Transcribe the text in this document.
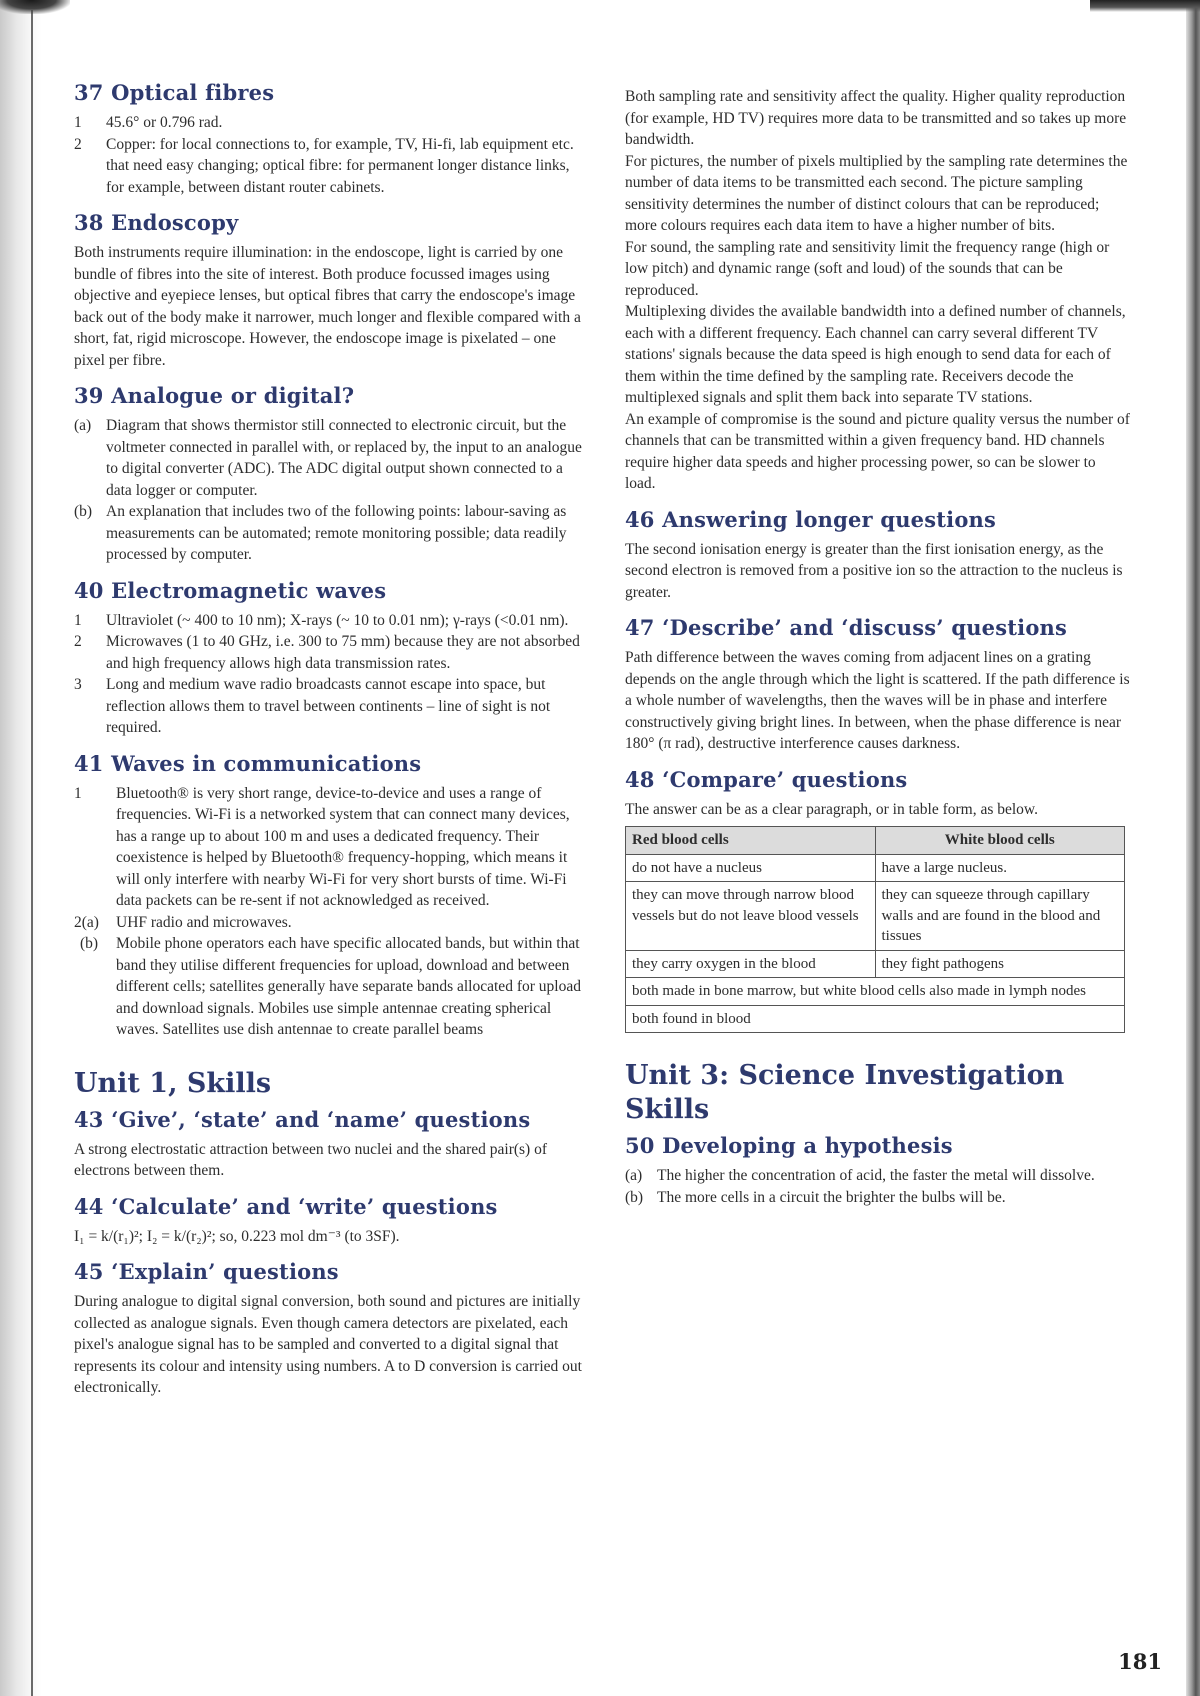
37 Optical fibres
1	45.6° or 0.796 rad.
2	Copper: for local connections to, for example, TV, Hi-fi, lab equipment etc. that need easy changing; optical fibre: for permanent longer distance links, for example, between distant router cabinets.
38 Endoscopy

Both instruments require illumination: in the endoscope, light is carried by one bundle of fibres into the site of interest. Both produce focussed images using objective and eyepiece lenses, but optical fibres that carry the endoscope's image back out of the body make it narrower, much longer and flexible compared with a short, fat, rigid microscope. However, the endoscope image is pixelated – one pixel per fibre.

39 Analogue or digital?
(a) Diagram that shows thermistor still connected to electronic circuit, but the voltmeter connected in parallel with, or replaced by, the input to an analogue to digital converter (ADC). The ADC digital output shown connected to a data logger or computer.
(b) An explanation that includes two of the following points: labour-saving as measurements can be automated; remote monitoring possible; data readily processed by computer.
40 Electromagnetic waves
1	Ultraviolet (~ 400 to 10 nm); X-rays (~ 10 to 0.01 nm); γ-rays (<0.01 nm).
2	Microwaves (1 to 40 GHz, i.e. 300 to 75 mm) because they are not absorbed and high frequency allows high data transmission rates.
3	Long and medium wave radio broadcasts cannot escape into space, but reflection allows them to travel between continents – line of sight is not required.
41 Waves in communications
1	Bluetooth® is very short range, device-to-device and uses a range of frequencies. Wi-Fi is a networked system that can connect many devices, has a range up to about 100 m and uses a dedicated frequency. Their coexistence is helped by Bluetooth® frequency-hopping, which means it will only interfere with nearby Wi-Fi for very short bursts of time. Wi-Fi data packets can be re-sent if not acknowledged as received.
2(a)	UHF radio and microwaves.
(b)	Mobile phone operators each have specific allocated bands, but within that band they utilise different frequencies for upload, download and between different cells; satellites generally have separate bands allocated for upload and download signals. Mobiles use simple antennae creating spherical waves. Satellites use dish antennae to create parallel beams
Unit 1, Skills
43 ‘Give’, ‘state’ and ‘name’ questions

A strong electrostatic attraction between two nuclei and the shared pair(s) of electrons between them.

44 ‘Calculate’ and ‘write’ questions

I₁ = k/(r₁)²; I₂ = k/(r₂)²; so, 0.223 mol dm⁻³ (to 3SF).

45 ‘Explain’ questions

During analogue to digital signal conversion, both sound and pictures are initially collected as analogue signals. Even though camera detectors are pixelated, each pixel's analogue signal has to be sampled and converted to a digital signal that represents its colour and intensity using numbers. A to D conversion is carried out electronically.

Both sampling rate and sensitivity affect the quality. Higher quality reproduction (for example, HD TV) requires more data to be transmitted and so takes up more bandwidth.

For pictures, the number of pixels multiplied by the sampling rate determines the number of data items to be transmitted each second. The picture sampling sensitivity determines the number of distinct colours that can be reproduced; more colours requires each data item to have a higher number of bits.

For sound, the sampling rate and sensitivity limit the frequency range (high or low pitch) and dynamic range (soft and loud) of the sounds that can be reproduced.

Multiplexing divides the available bandwidth into a defined number of channels, each with a different frequency. Each channel can carry several different TV stations' signals because the data speed is high enough to send data for each of them within the time defined by the sampling rate. Receivers decode the multiplexed signals and split them back into separate TV stations.

An example of compromise is the sound and picture quality versus the number of channels that can be transmitted within a given frequency band. HD channels require higher data speeds and higher processing power, so can be slower to load.

46 Answering longer questions

The second ionisation energy is greater than the first ionisation energy, as the second electron is removed from a positive ion so the attraction to the nucleus is greater.

47 ‘Describe’ and ‘discuss’ questions

Path difference between the waves coming from adjacent lines on a grating depends on the angle through which the light is scattered. If the path difference is a whole number of wavelengths, then the waves will be in phase and interfere constructively giving bright lines. In between, when the phase difference is near 180° (π rad), destructive interference causes darkness.

48 ‘Compare’ questions

The answer can be as a clear paragraph, or in table form, as below.

Red blood cells	White blood cells
do not have a nucleus	have a large nucleus.
they can move through narrow blood vessels but do not leave blood vessels	they can squeeze through capillary walls and are found in the blood and tissues
they carry oxygen in the blood	they fight pathogens
both made in bone marrow, but white blood cells also made in lymph nodes	
both found in blood	
Unit 3: Science Investigation Skills
50 Developing a hypothesis
(a) The higher the concentration of acid, the faster the metal will dissolve.
(b) The more cells in a circuit the brighter the bulbs will be.
181
